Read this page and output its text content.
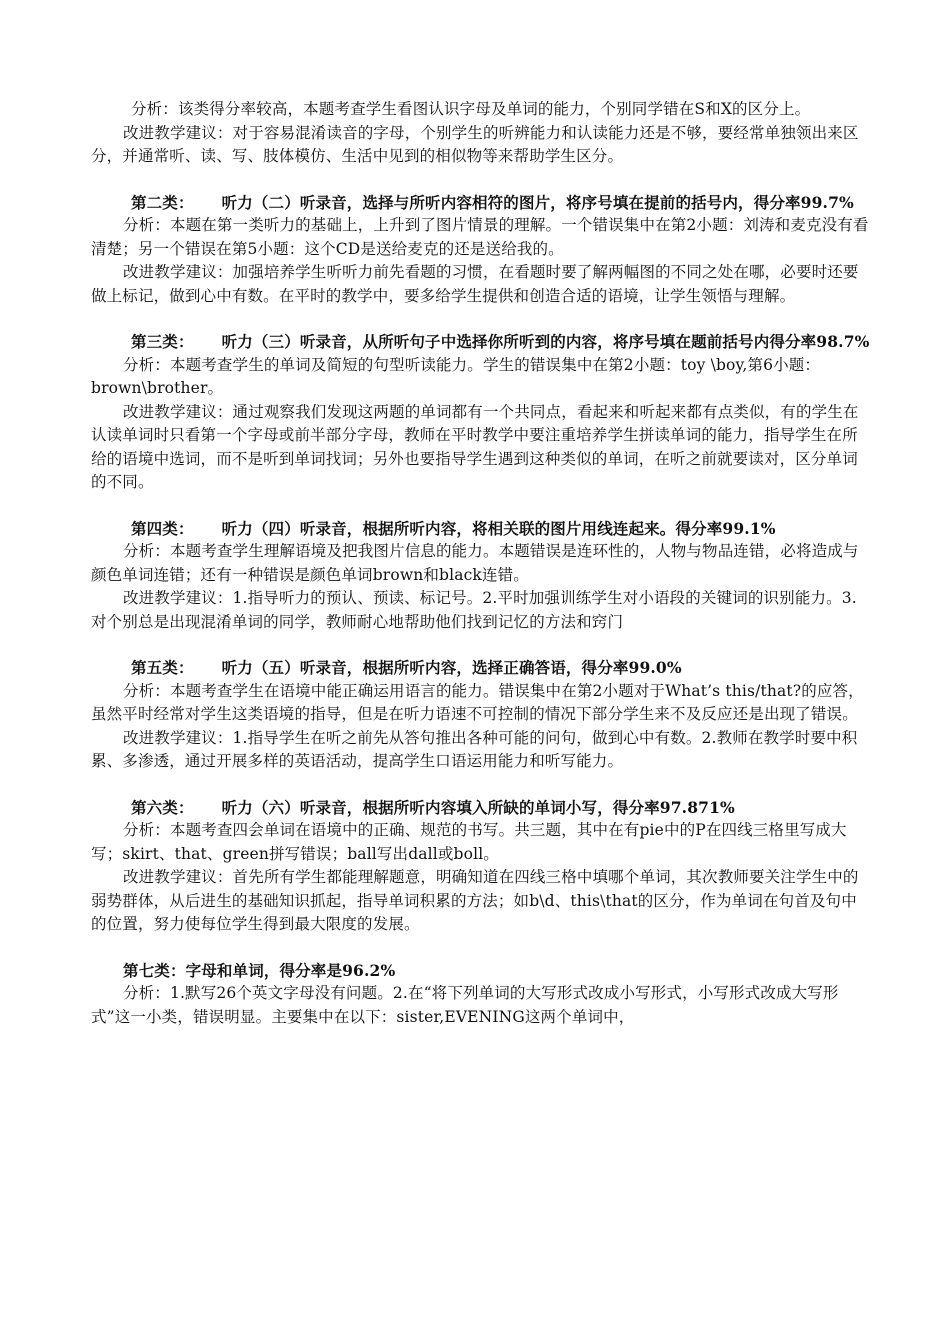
分析：该类得分率较高，本题考查学生看图认识字母及单词的能力，个别同学错在S和X的区分上。

改进教学建议：对于容易混淆读音的字母，个别学生的听辨能力和认读能力还是不够，要经常单独领出来区分，并通常听、读、写、肢体模仿、生活中见到的相似物等来帮助学生区分。

第二类： 听力（二）听录音，选择与所听内容相符的图片，将序号填在提前的括号内，得分率99.7%

分析：本题在第一类听力的基础上，上升到了图片情景的理解。一个错误集中在第2小题：刘涛和麦克没有看清楚；另一个错误在第5小题：这个CD是送给麦克的还是送给我的。

改进教学建议：加强培养学生听听力前先看题的习惯，在看题时要了解两幅图的不同之处在哪，必要时还要做上标记，做到心中有数。在平时的教学中，要多给学生提供和创造合适的语境，让学生领悟与理解。

第三类： 听力（三）听录音，从所听句子中选择你所听到的内容，将序号填在题前括号内得分率98.7%

分析：本题考查学生的单词及简短的句型听读能力。学生的错误集中在第2小题：toy \boy,第6小题：brown\brother。

改进教学建议：通过观察我们发现这两题的单词都有一个共同点，看起来和听起来都有点类似，有的学生在认读单词时只看第一个字母或前半部分字母，教师在平时教学中要注重培养学生拼读单词的能力，指导学生在所给的语境中选词，而不是听到单词找词；另外也要指导学生遇到这种类似的单词，在听之前就要读对，区分单词的不同。

第四类： 听力（四）听录音，根据所听内容，将相关联的图片用线连起来。得分率99.1%

分析：本题考查学生理解语境及把我图片信息的能力。本题错误是连环性的，人物与物品连错，必将造成与颜色单词连错；还有一种错误是颜色单词brown和black连错。

改进教学建议：1.指导听力的预认、预读、标记号。2.平时加强训练学生对小语段的关键词的识别能力。3.对个别总是出现混淆单词的同学，教师耐心地帮助他们找到记忆的方法和窍门

第五类： 听力（五）听录音，根据所听内容，选择正确答语，得分率99.0%

分析：本题考查学生在语境中能正确运用语言的能力。错误集中在第2小题对于What’s this/that?的应答，虽然平时经常对学生这类语境的指导，但是在听力语速不可控制的情况下部分学生来不及反应还是出现了错误。

改进教学建议：1.指导学生在听之前先从答句推出各种可能的问句，做到心中有数。2.教师在教学时要中积累、多渗透，通过开展多样的英语活动，提高学生口语运用能力和听写能力。

第六类： 听力（六）听录音，根据所听内容填入所缺的单词小写，得分率97.871%

分析：本题考查四会单词在语境中的正确、规范的书写。共三题，其中在有pie中的P在四线三格里写成大写；skirt、that、green拼写错误；ball写出dall或boll。

改进教学建议：首先所有学生都能理解题意，明确知道在四线三格中填哪个单词，其次教师要关注学生中的弱势群体，从后进生的基础知识抓起，指导单词积累的方法；如b\d、this\that的区分，作为单词在句首及句中的位置，努力使每位学生得到最大限度的发展。

第七类：字母和单词，得分率是96.2%

分析：1.默写26个英文字母没有问题。2.在“将下列单词的大写形式改成小写形式，小写形式改成大写形式”这一小类，错误明显。主要集中在以下：sister,EVENING这两个单词中，
